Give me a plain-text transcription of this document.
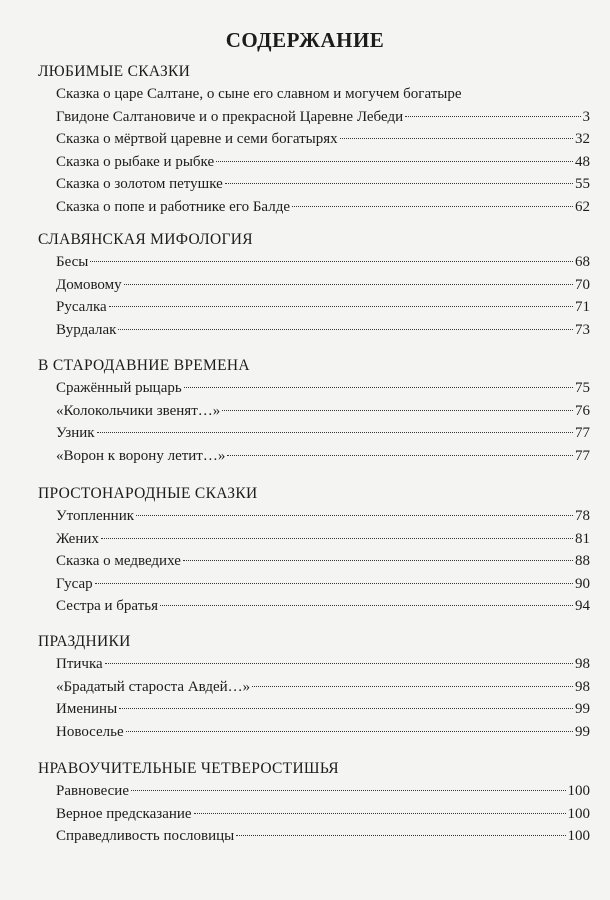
СОДЕРЖАНИЕ
ЛЮБИМЫЕ СКАЗКИ
Сказка о царе Салтане, о сыне его славном и могучем богатыре
Гвидоне Салтановиче и о прекрасной Царевне Лебеди	3
Сказка о мёртвой царевне и семи богатырях	32
Сказка о рыбаке и рыбке	48
Сказка о золотом петушке	55
Сказка о попе и работнике его Балде	62
СЛАВЯНСКАЯ МИФОЛОГИЯ
Бесы	68
Домовому	70
Русалка	71
Вурдалак	73
В СТАРОДАВНИЕ ВРЕМЕНА
Сражённый рыцарь	75
«Колокольчики звенят…»	76
Узник	77
«Ворон к ворону летит…»	77
ПРОСТОНАРОДНЫЕ СКАЗКИ
Утопленник	78
Жених	81
Сказка о медведихе	88
Гусар	90
Сестра и братья	94
ПРАЗДНИКИ
Птичка	98
«Брадатый староста Авдей…»	98
Именины	99
Новоселье	99
НРАВОУЧИТЕЛЬНЫЕ ЧЕТВЕРОСТИШЬЯ
Равновесие	100
Верное предсказание	100
Справедливость пословицы	100
